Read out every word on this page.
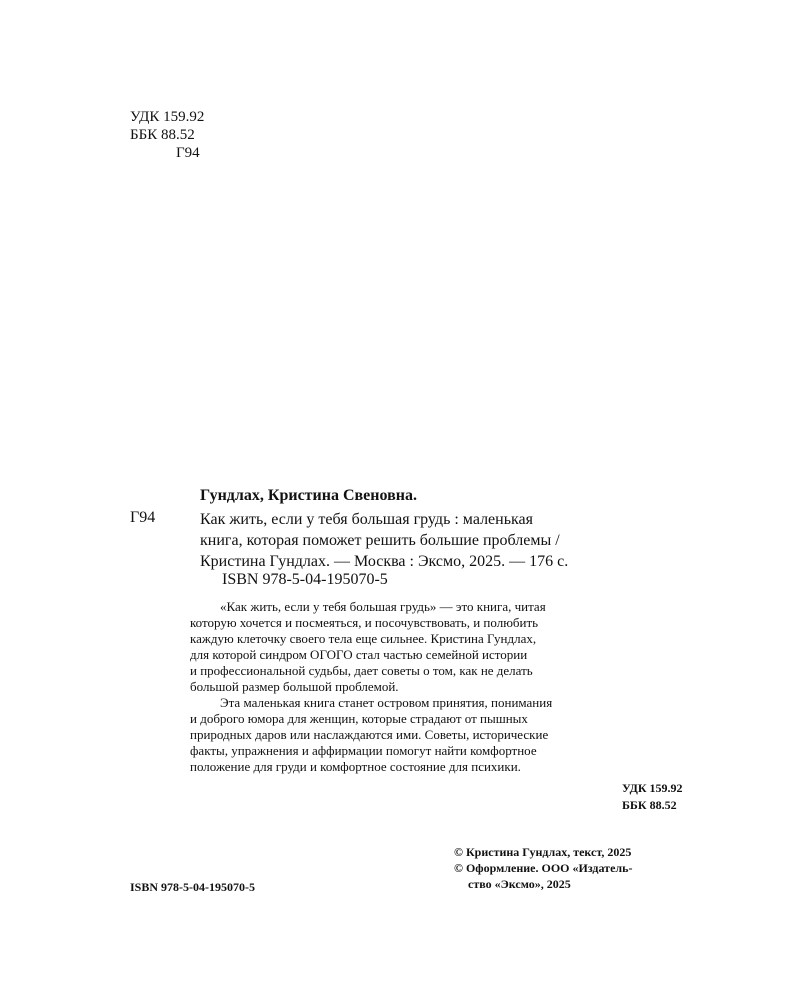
УДК 159.92
ББК 88.52
Г94
Гундлах, Кристина Свеновна.
Г94	Как жить, если у тебя большая грудь : маленькая
книга, которая поможет решить большие проблемы /
Кристина Гундлах. — Москва : Эксмо, 2025. — 176 с.
ISBN 978-5-04-195070-5

«Как жить, если у тебя большая грудь» — это книга, читая
которую хочется и посмеяться, и посочувствовать, и полюбить
каждую клеточку своего тела еще сильнее. Кристина Гундлах,
для которой синдром ОГОГО стал частью семейной истории
и профессиональной судьбы, дает советы о том, как не делать
большой размер большой проблемой.

Эта маленькая книга станет островом принятия, понимания
и доброго юмора для женщин, которые страдают от пышных
природных даров или наслаждаются ими. Советы, исторические
факты, упражнения и аффирмации помогут найти комфортное
положение для груди и комфортное состояние для психики.

УДК 159.92
ББК 88.52
© Кристина Гундлах, текст, 2025
© Оформление. ООО «Издатель-
ство «Эксмо», 2025
ISBN 978-5-04-195070-5
